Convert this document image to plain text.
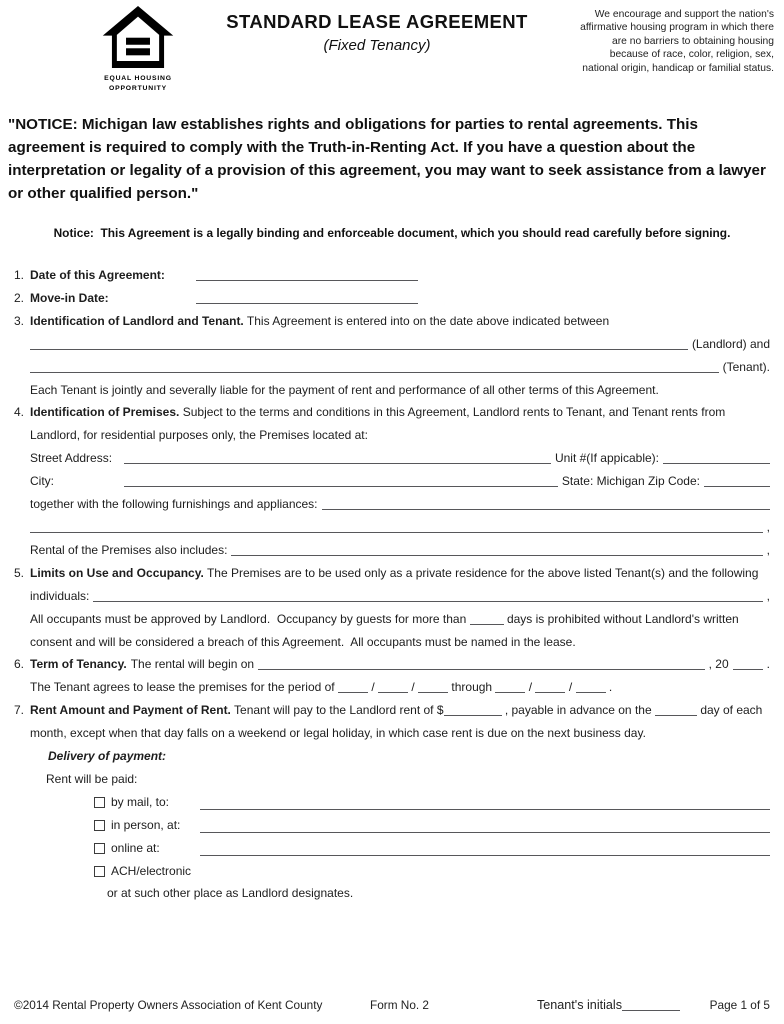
EQUAL HOUSING
OPPORTUNITY
STANDARD LEASE AGREEMENT
(Fixed Tenancy)
We encourage and support the nation's affirmative housing program in which there are no barriers to obtaining housing because of race, color, religion, sex, national origin, handicap or familial status.
"NOTICE: Michigan law establishes rights and obligations for parties to rental agreements. This agreement is required to comply with the Truth-in-Renting Act. If you have a question about the interpretation or legality of a provision of this agreement, you may want to seek assistance from a lawyer or other qualified person."
Notice:  This Agreement is a legally binding and enforceable document, which you should read carefully before signing.
1. Date of this Agreement:
2. Move-in Date:
3. Identification of Landlord and Tenant. This Agreement is entered into on the date above indicated between
(Landlord) and
(Tenant).
Each Tenant is jointly and severally liable for the payment of rent and performance of all other terms of this Agreement.
4. Identification of Premises. Subject to the terms and conditions in this Agreement, Landlord rents to Tenant, and Tenant rents from
Landlord, for residential purposes only, the Premises located at:
Street Address:	Unit #(If appicable):
City:	State: Michigan Zip Code:
together with the following furnishings and appliances:
,
Rental of the Premises also includes:	,
5. Limits on Use and Occupancy. The Premises are to be used only as a private residence for the above listed Tenant(s) and the following
individuals:	,
All occupants must be approved by Landlord.  Occupancy by guests for more than	days is prohibited without Landlord's written
consent and will be considered a breach of this Agreement.  All occupants must be named in the lease.
6. Term of Tenancy. The rental will begin on	, 20	.
The Tenant agrees to lease the premises for the period of	/	/	through	/	/	.
7. Rent Amount and Payment of Rent. Tenant will pay to the Landlord rent of $	, payable in advance on the	day of each
month, except when that day falls on a weekend or legal holiday, in which case rent is due on the next business day.
Delivery of payment:
Rent will be paid:
by mail, to:
in person, at:
online at:
ACH/electronic
or at such other place as Landlord designates.
©2014 Rental Property Owners Association of Kent County	Form No. 2	Tenant's initials	Page 1 of 5
